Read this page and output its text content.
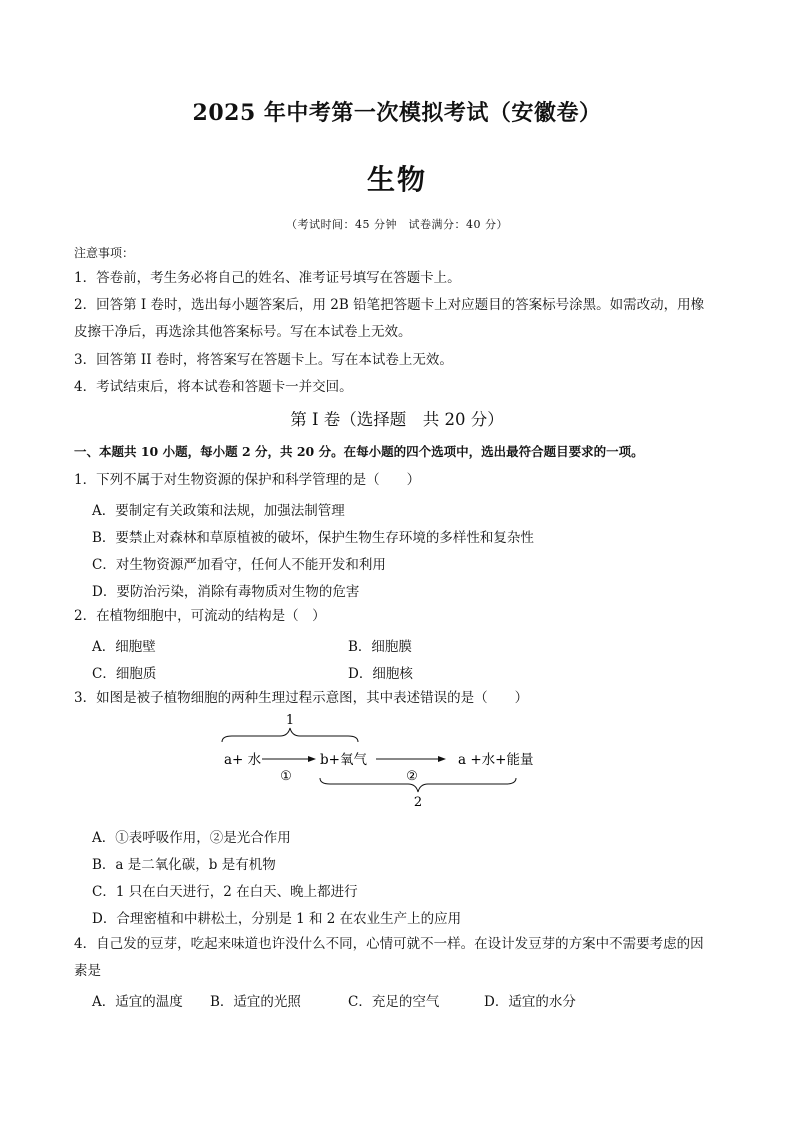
2025 年中考第一次模拟考试（安徽卷）
生物
（考试时间：45 分钟　试卷满分：40 分）
注意事项：
1．答卷前，考生务必将自己的姓名、准考证号填写在答题卡上。
2．回答第 I 卷时，选出每小题答案后，用 2B 铅笔把答题卡上对应题目的答案标号涂黑。如需改动，用橡
皮擦干净后，再选涂其他答案标号。写在本试卷上无效。
3．回答第 II 卷时，将答案写在答题卡上。写在本试卷上无效。
4．考试结束后，将本试卷和答题卡一并交回。
第 I 卷（选择题　共 20 分）
一、本题共 10 小题，每小题 2 分，共 20 分。在每小题的四个选项中，选出最符合题目要求的一项。
1．下列不属于对生物资源的保护和科学管理的是（　　）
A．要制定有关政策和法规，加强法制管理
B．要禁止对森林和草原植被的破坏，保护生物生存环境的多样性和复杂性
C．对生物资源严加看守，任何人不能开发和利用
D．要防治污染，消除有毒物质对生物的危害
2．在植物细胞中，可流动的结构是（　）
A．细胞壁	B．细胞膜
C．细胞质	D．细胞核
3．如图是被子植物细胞的两种生理过程示意图，其中表述错误的是（　　）
1
a+ 水
①
b+氧气
②
a +水+能量
2
A．①表呼吸作用，②是光合作用
B．a 是二氧化碳，b 是有机物
C．1 只在白天进行，2 在白天、晚上都进行
D．合理密植和中耕松土，分别是 1 和 2 在农业生产上的应用
4．自己发的豆芽，吃起来味道也许没什么不同，心情可就不一样。在设计发豆芽的方案中不需要考虑的因
素是
A．适宜的温度 B．适宜的光照	C．充足的空气	D．适宜的水分
